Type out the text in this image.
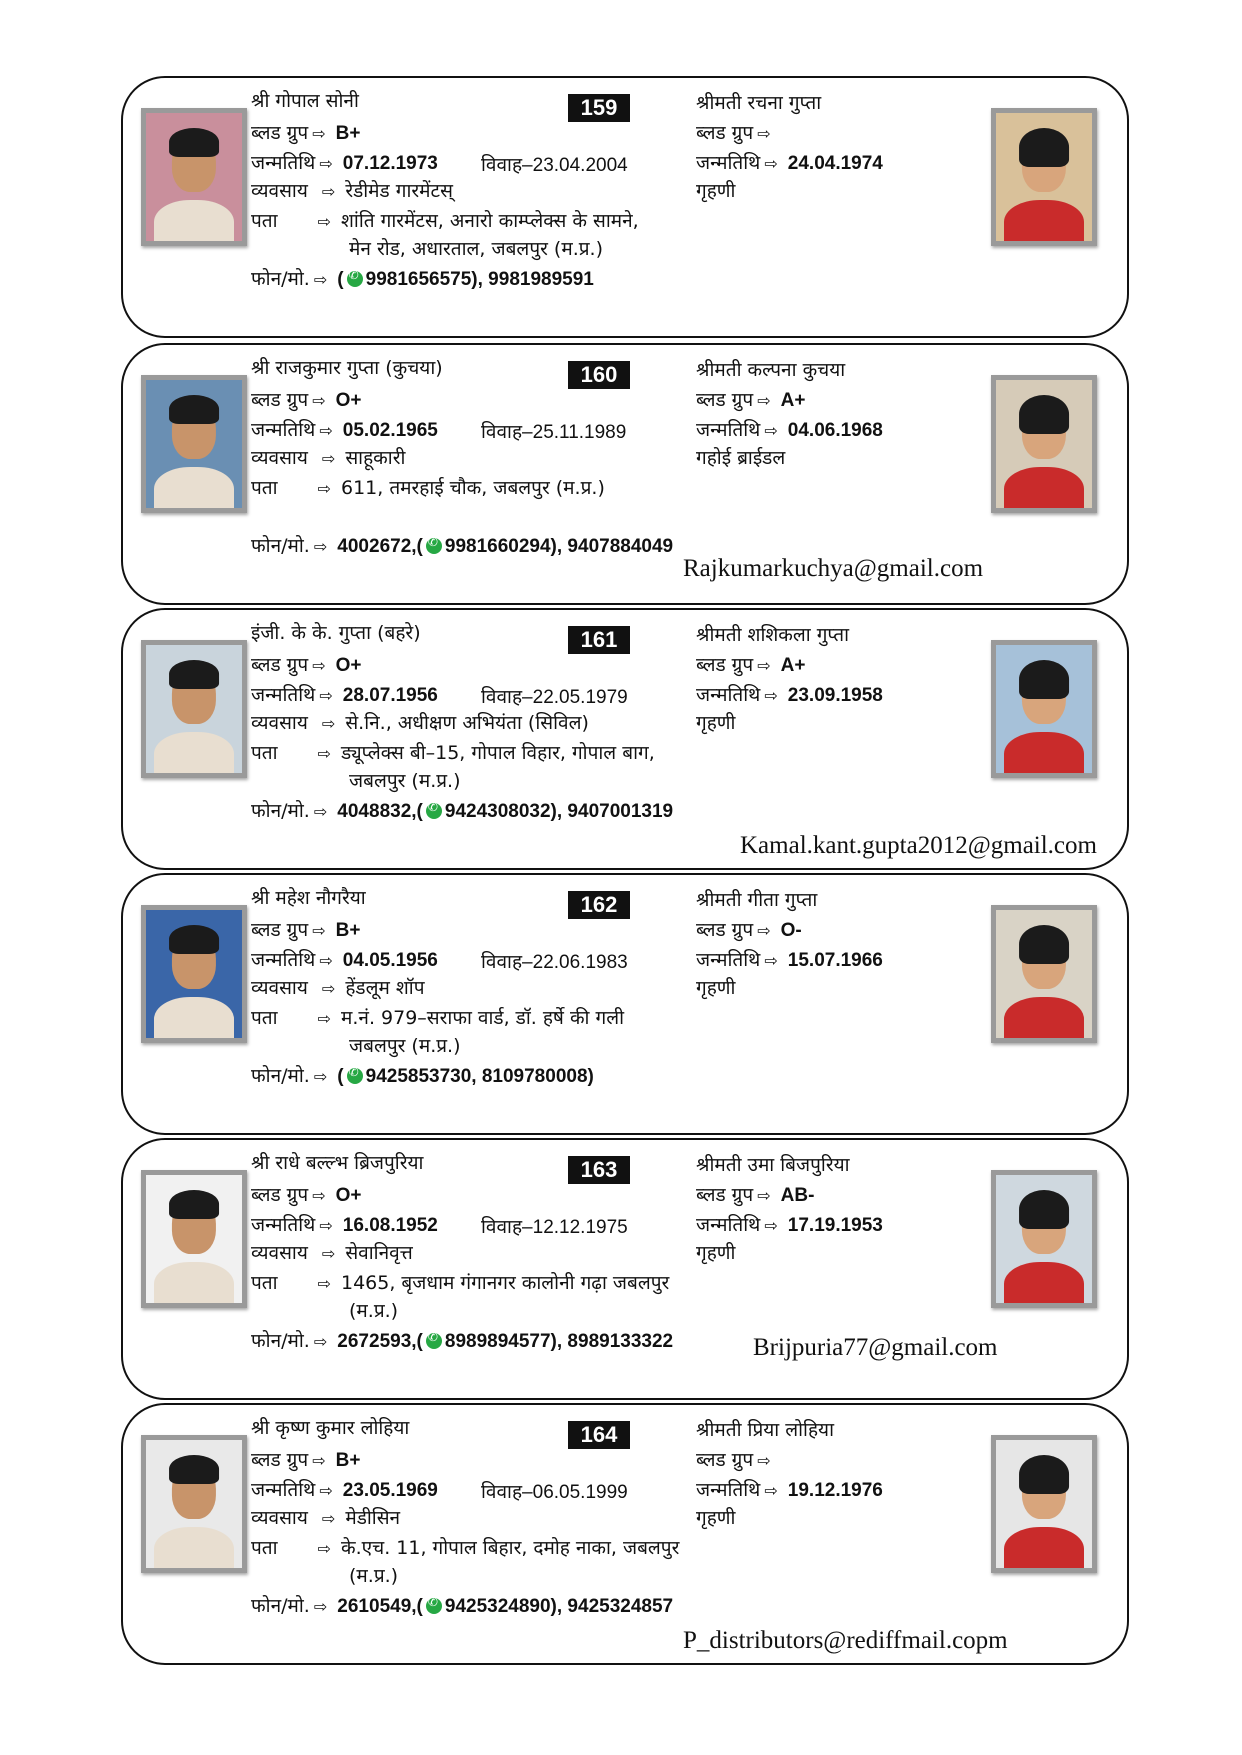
श्री गोपाल सोनी	159
ब्लड ग्रुप ⇨ B+
जन्मतिथि ⇨ 07.12.1973 विवाह–23.04.2004
व्यवसाय ⇨ रेडीमेड गारमेंटस्
पता	⇨ शांति गारमेंटस, अनारो काम्प्लेक्स के सामने,
मेन रोड, अधारताल, जबलपुर (म.प्र.)
फोन/मो. ⇨ ( ✆ 9981656575), 9981989591
श्रीमती रचना गुप्ता
ब्लड ग्रुप ⇨
जन्मतिथि ⇨ 24.04.1974
गृहणी
श्री राजकुमार गुप्ता (कुचया)	160
ब्लड ग्रुप ⇨ O+
जन्मतिथि ⇨ 05.02.1965 विवाह–25.11.1989
व्यवसाय ⇨ साहूकारी
पता	⇨ 611, तमरहाई चौक, जबलपुर (म.प्र.)
फोन/मो. ⇨ 4002672,( ✆ 9981660294), 9407884049
श्रीमती कल्पना कुचया
ब्लड ग्रुप ⇨ A+
जन्मतिथि ⇨ 04.06.1968
गहोई ब्राईडल
Rajkumarkuchya@gmail.com
इंजी. के के. गुप्ता (बहरे)	161
ब्लड ग्रुप ⇨ O+
जन्मतिथि ⇨ 28.07.1956 विवाह–22.05.1979
व्यवसाय ⇨ से.नि., अधीक्षण अभियंता (सिविल)
पता	⇨ ड्यूप्लेक्स बी–15, गोपाल विहार, गोपाल बाग,
जबलपुर (म.प्र.)
फोन/मो. ⇨ 4048832,( ✆ 9424308032), 9407001319
श्रीमती शशिकला गुप्ता
ब्लड ग्रुप ⇨ A+
जन्मतिथि ⇨ 23.09.1958
गृहणी
Kamal.kant.gupta2012@gmail.com
श्री महेश नौगरैया	162
ब्लड ग्रुप ⇨ B+
जन्मतिथि ⇨ 04.05.1956 विवाह–22.06.1983
व्यवसाय ⇨ हेंडलूम शॉप
पता	⇨ म.नं. 979–सराफा वार्ड, डॉ. हर्षे की गली
जबलपुर (म.प्र.)
फोन/मो. ⇨ ( ✆ 9425853730, 8109780008)
श्रीमती गीता गुप्ता
ब्लड ग्रुप ⇨ O-
जन्मतिथि ⇨ 15.07.1966
गृहणी
श्री राधे बल्ल्भ ब्रिजपुरिया	163
ब्लड ग्रुप ⇨ O+
जन्मतिथि ⇨ 16.08.1952 विवाह–12.12.1975
व्यवसाय ⇨ सेवानिवृत्त
पता	⇨ 1465, बृजधाम गंगानगर कालोनी गढ़ा जबलपुर
(म.प्र.)
फोन/मो. ⇨ 2672593,( ✆ 8989894577), 8989133322
श्रीमती उमा बिजपुरिया
ब्लड ग्रुप ⇨ AB-
जन्मतिथि ⇨ 17.19.1953
गृहणी
Brijpuria77@gmail.com
श्री कृष्ण कुमार लोहिया	164
ब्लड ग्रुप ⇨ B+
जन्मतिथि ⇨ 23.05.1969 विवाह–06.05.1999
व्यवसाय ⇨ मेडीसिन
पता	⇨ के.एच. 11, गोपाल बिहार, दमोह नाका, जबलपुर
(म.प्र.)
फोन/मो. ⇨ 2610549,( ✆ 9425324890), 9425324857
श्रीमती प्रिया लोहिया
ब्लड ग्रुप ⇨
जन्मतिथि ⇨ 19.12.1976
गृहणी
P_distributors@rediffmail.copm
